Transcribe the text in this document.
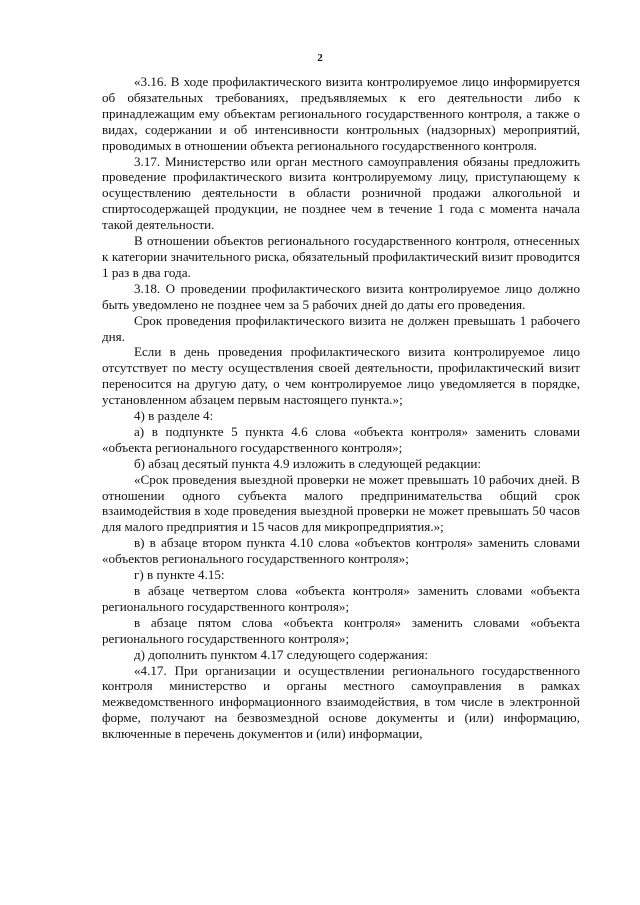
2

«3.16. В ходе профилактического визита контролируемое лицо информируется об обязательных требованиях, предъявляемых к его деятельности либо к принадлежащим ему объектам регионального государственного контроля, а также о видах, содержании и об интенсивности контрольных (надзорных) мероприятий, проводимых в отношении объекта регионального государственного контроля.

3.17. Министерство или орган местного самоуправления обязаны предложить проведение профилактического визита контролируемому лицу, приступающему к осуществлению деятельности в области розничной продажи алкогольной и спиртосодержащей продукции, не позднее чем в течение 1 года с момента начала такой деятельности.

В отношении объектов регионального государственного контроля, отнесенных к категории значительного риска, обязательный профилактический визит проводится 1 раз в два года.

3.18. О проведении профилактического визита контролируемое лицо должно быть уведомлено не позднее чем за 5 рабочих дней до даты его проведения.

Срок проведения профилактического визита не должен превышать 1 рабочего дня.

Если в день проведения профилактического визита контролируемое лицо отсутствует по месту осуществления своей деятельности, профилактический визит переносится на другую дату, о чем контролируемое лицо уведомляется в порядке, установленном абзацем первым настоящего пункта.»;

4) в разделе 4:

а) в подпункте 5 пункта 4.6 слова «объекта контроля» заменить словами «объекта регионального государственного контроля»;

б) абзац десятый пункта 4.9 изложить в следующей редакции:

«Срок проведения выездной проверки не может превышать 10 рабочих дней. В отношении одного субъекта малого предпринимательства общий срок взаимодействия в ходе проведения выездной проверки не может превышать 50 часов для малого предприятия и 15 часов для микропредприятия.»;

в) в абзаце втором пункта 4.10 слова «объектов контроля» заменить словами «объектов регионального государственного контроля»;

г) в пункте 4.15:

в абзаце четвертом слова «объекта контроля» заменить словами «объекта регионального государственного контроля»;

в абзаце пятом слова «объекта контроля» заменить словами «объекта регионального государственного контроля»;

д) дополнить пунктом 4.17 следующего содержания:

«4.17. При организации и осуществлении регионального государственного контроля министерство и органы местного самоуправления в рамках межведомственного информационного взаимодействия, в том числе в электронной форме, получают на безвозмездной основе документы и (или) информацию, включенные в перечень документов и (или) информации,
